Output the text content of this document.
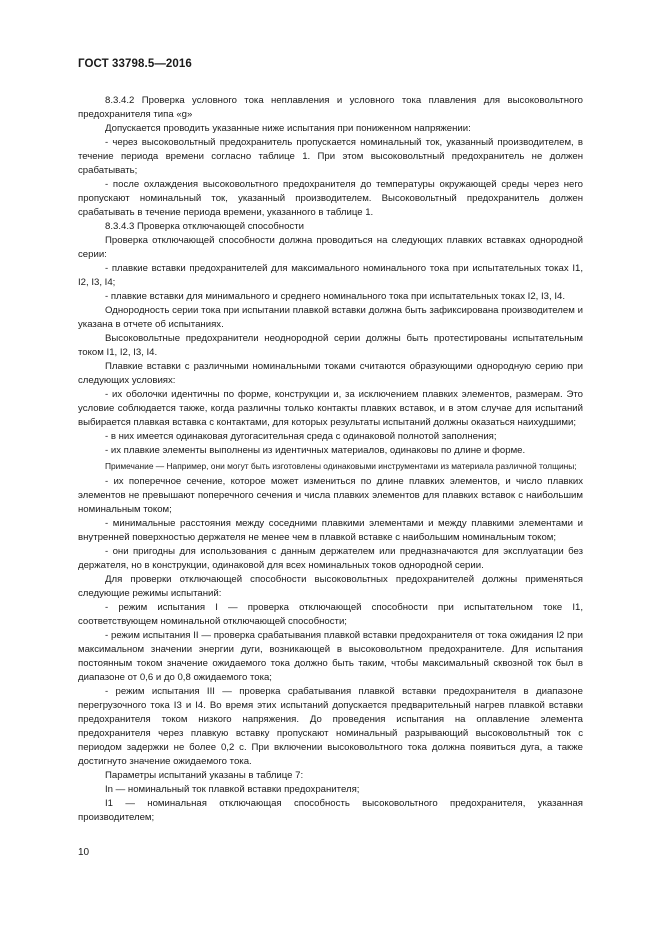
ГОСТ 33798.5—2016

8.3.4.2 Проверка условного тока неплавления и условного тока плавления для высоковольтного предохранителя типа «g»

Допускается проводить указанные ниже испытания при пониженном напряжении:

- через высоковольтный предохранитель пропускается номинальный ток, указанный производителем, в течение периода времени согласно таблице 1. При этом высоковольтный предохранитель не должен срабатывать;

- после охлаждения высоковольтного предохранителя до температуры окружающей среды через него пропускают номинальный ток, указанный производителем. Высоковольтный предохранитель должен срабатывать в течение периода времени, указанного в таблице 1.

8.3.4.3 Проверка отключающей способности

Проверка отключающей способности должна проводиться на следующих плавких вставках однородной серии:

- плавкие вставки предохранителей для максимального номинального тока при испытательных токах I1, I2, I3, I4;

- плавкие вставки для минимального и среднего номинального тока при испытательных токах I2, I3, I4.

Однородность серии тока при испытании плавкой вставки должна быть зафиксирована производителем и указана в отчете об испытаниях.

Высоковольтные предохранители неоднородной серии должны быть протестированы испытательным током I1, I2, I3, I4.

Плавкие вставки с различными номинальными токами считаются образующими однородную серию при следующих условиях:

- их оболочки идентичны по форме, конструкции и, за исключением плавких элементов, размерам. Это условие соблюдается также, когда различны только контакты плавких вставок, и в этом случае для испытаний выбирается плавкая вставка с контактами, для которых результаты испытаний должны оказаться наихудшими;

- в них имеется одинаковая дугогасительная среда с одинаковой полнотой заполнения;

- их плавкие элементы выполнены из идентичных материалов, одинаковы по длине и форме.

Примечание — Например, они могут быть изготовлены одинаковыми инструментами из материала различной толщины;

- их поперечное сечение, которое может измениться по длине плавких элементов, и число плавких элементов не превышают поперечного сечения и числа плавких элементов для плавких вставок с наибольшим номинальным током;

- минимальные расстояния между соседними плавкими элементами и между плавкими элементами и внутренней поверхностью держателя не менее чем в плавкой вставке с наибольшим номинальным током;

- они пригодны для использования с данным держателем или предназначаются для эксплуатации без держателя, но в конструкции, одинаковой для всех номинальных токов однородной серии.

Для проверки отключающей способности высоковольтных предохранителей должны применяться следующие режимы испытаний:

- режим испытания I — проверка отключающей способности при испытательном токе I1, соответствующем номинальной отключающей способности;

- режим испытания II — проверка срабатывания плавкой вставки предохранителя от тока ожидания I2 при максимальном значении энергии дуги, возникающей в высоковольтном предохранителе. Для испытания постоянным током значение ожидаемого тока должно быть таким, чтобы максимальный сквозной ток был в диапазоне от 0,6 и до 0,8 ожидаемого тока;

- режим испытания III — проверка срабатывания плавкой вставки предохранителя в диапазоне перегрузочного тока I3 и I4. Во время этих испытаний допускается предварительный нагрев плавкой вставки предохранителя током низкого напряжения. До проведения испытания на оплавление элемента предохранителя через плавкую вставку пропускают номинальный разрывающий высоковольтный ток с периодом задержки не более 0,2 с. При включении высоковольтного тока должна появиться дуга, а также достигнуто значение ожидаемого тока.

Параметры испытаний указаны в таблице 7:

In — номинальный ток плавкой вставки предохранителя;

I1 — номинальная отключающая способность высоковольтного предохранителя, указанная производителем;

10
